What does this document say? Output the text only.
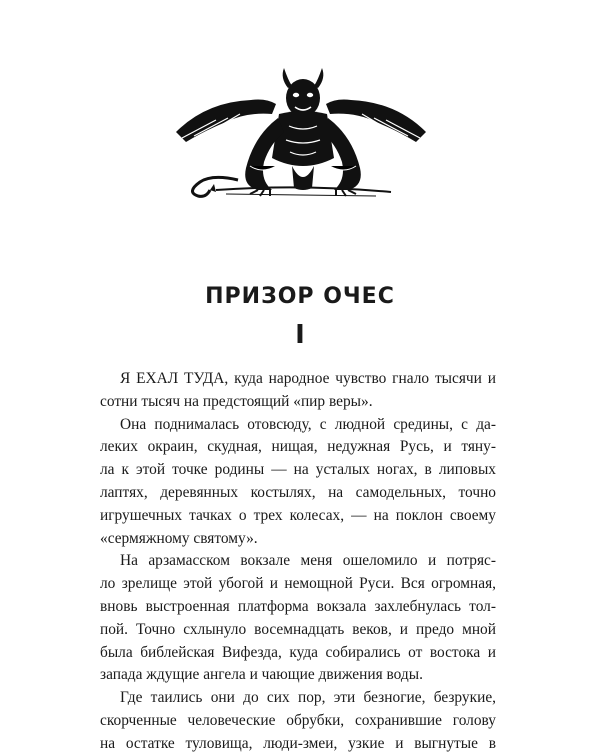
ПРИЗОР ОЧЕС
I

Я ЕХАЛ ТУДА, куда народное чувство гнало тысячи и
сотни тысяч на предстоящий «пир веры».

Она поднималась отовсюду, с людной средины, с да-
леких окраин, скудная, нищая, недужная Русь, и тяну-
ла к этой точке родины — на усталых ногах, в липовых
лаптях, деревянных костылях, на самодельных, точно
игрушечных тачках о трех колесах, — на поклон своему
«сермяжному святому».

На арзамасском вокзале меня ошеломило и потряс-
ло зрелище этой убогой и немощной Руси. Вся огромная,
вновь выстроенная платформа вокзала захлебнулась тол-
пой. Точно схлынуло восемнадцать веков, и предо мной
была библейская Вифезда, куда собирались от востока и
запада ждущие ангела и чающие движения воды.

Где таились они до сих пор, эти безногие, безрукие,
скорченные человеческие обрубки, сохранившие голову
на остатке туловища, люди-змеи, узкие и выгнутые в
